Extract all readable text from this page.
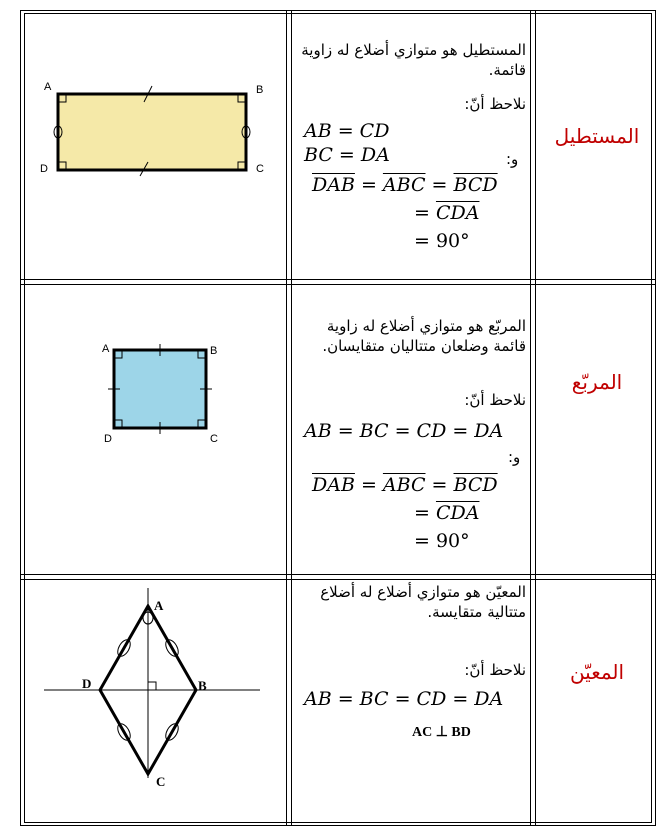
المستطيل
المستطيل هو متوازي أضلاع له زاوية قائمة.
نلاحظ أنّ:
AB = CD
BC = DA	و:
$\overline{DAB} = \overline{ABC} = \overline{BCD}$
= $\overline{CDA}$
= 90°
A	B
C
D
المربّع
المربّع هو متوازي أضلاع له زاوية قائمة وضلعان متتاليان متقايسان.
نلاحظ أنّ:
AB = BC = CD = DA
و:
$\overline{DAB} = \overline{ABC} = \overline{BCD}$
= $\overline{CDA}$
= 90°
A	B
C
D
المعيّن
المعيّن هو متوازي أضلاع له أضلاع متتالية متقايسة.
نلاحظ أنّ:
AB = BC = CD = DA
AC ⊥ BD
A
B
C
D
